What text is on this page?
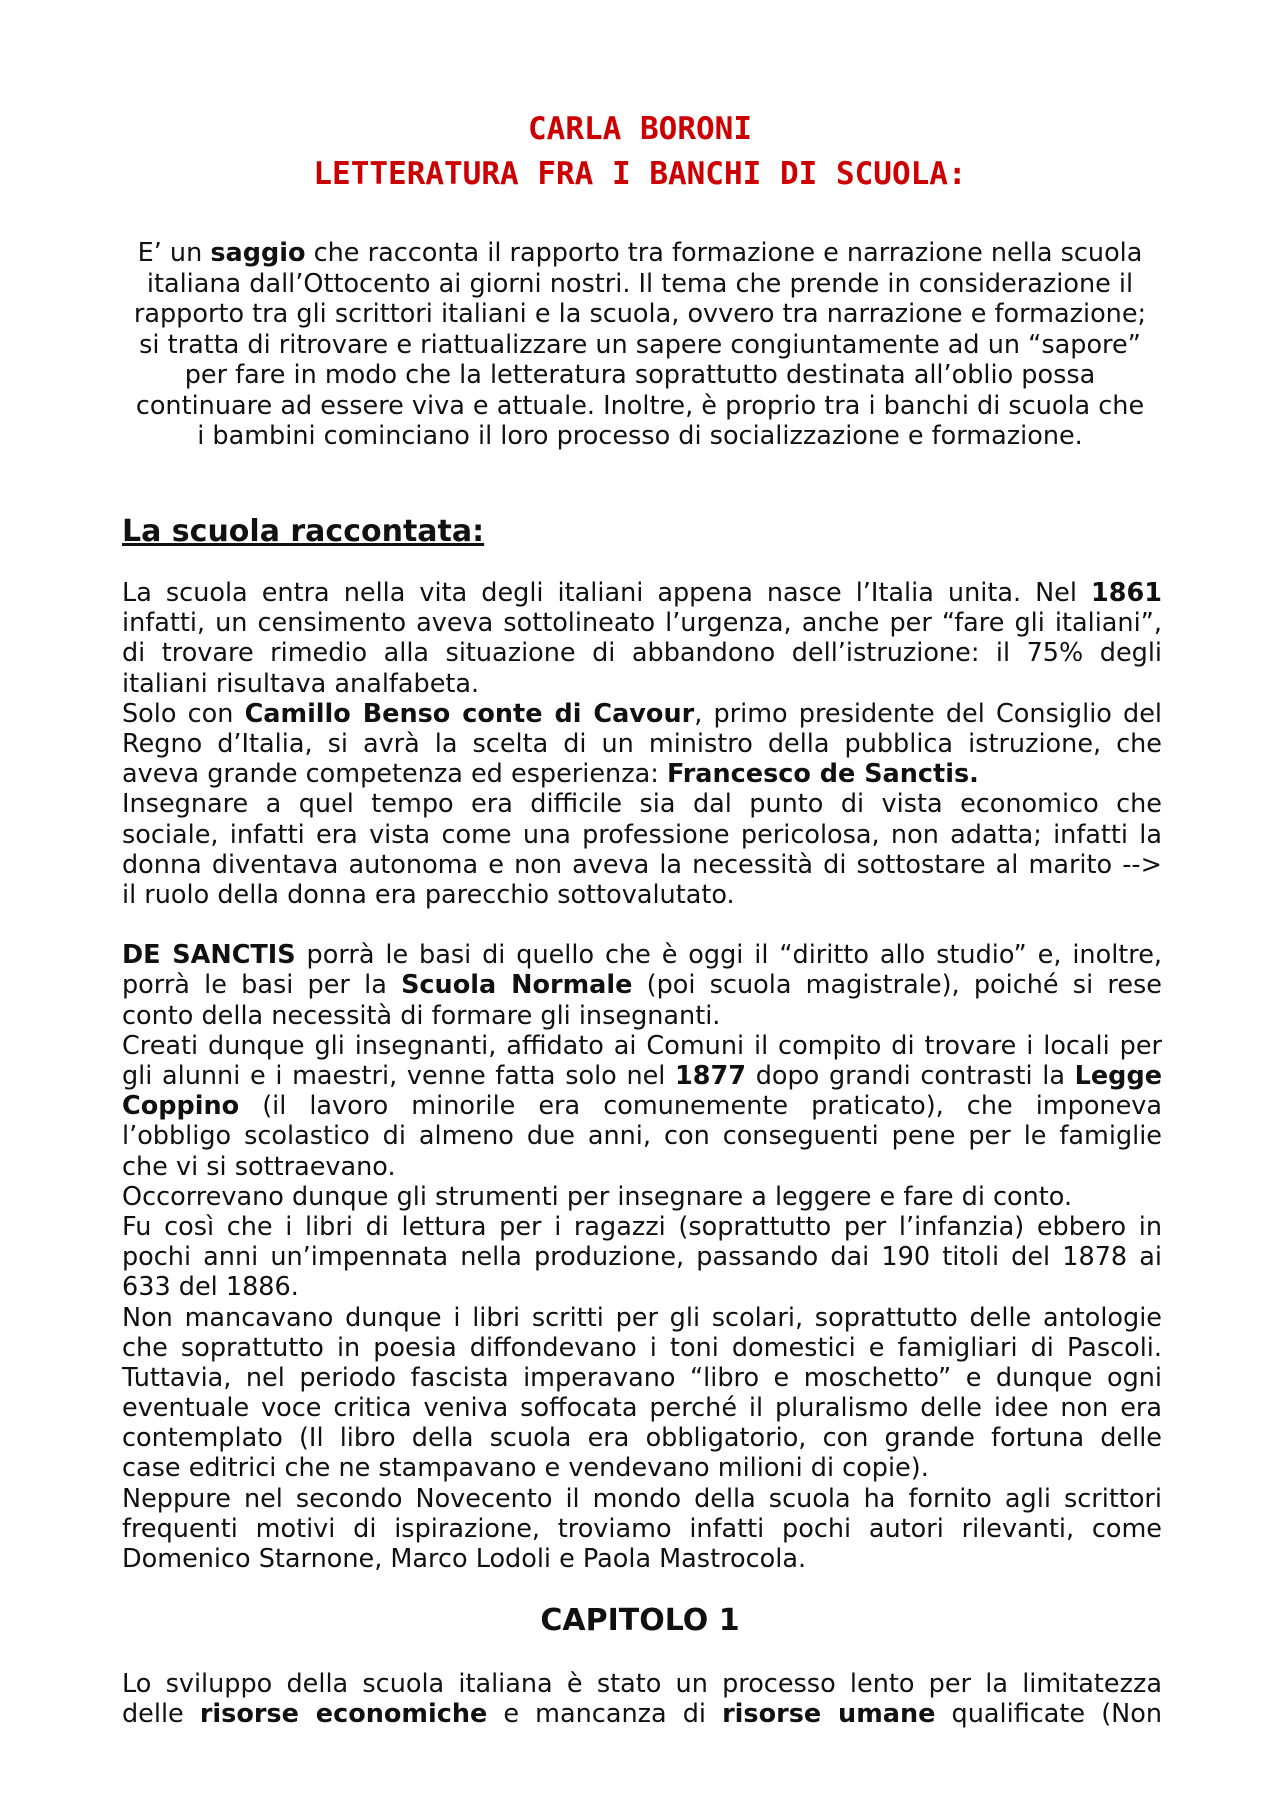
CARLA BORONI
LETTERATURA FRA I BANCHI DI SCUOLA:
E’ un saggio che racconta il rapporto tra formazione e narrazione nella scuola
italiana dall’Ottocento ai giorni nostri. Il tema che prende in considerazione il
rapporto tra gli scrittori italiani e la scuola, ovvero tra narrazione e formazione;
si tratta di ritrovare e riattualizzare un sapere congiuntamente ad un “sapore”
per fare in modo che la letteratura soprattutto destinata all’oblio possa
continuare ad essere viva e attuale. Inoltre, è proprio tra i banchi di scuola che
i bambini cominciano il loro processo di socializzazione e formazione.
La scuola raccontata:
La scuola entra nella vita degli italiani appena nasce l’Italia unita. Nel 1861
infatti, un censimento aveva sottolineato l’urgenza, anche per “fare gli italiani”,
di trovare rimedio alla situazione di abbandono dell’istruzione: il 75% degli
italiani risultava analfabeta.
Solo con Camillo Benso conte di Cavour, primo presidente del Consiglio del
Regno d’Italia, si avrà la scelta di un ministro della pubblica istruzione, che
aveva grande competenza ed esperienza: Francesco de Sanctis.
Insegnare a quel tempo era difficile sia dal punto di vista economico che
sociale, infatti era vista come una professione pericolosa, non adatta; infatti la
donna diventava autonoma e non aveva la necessità di sottostare al marito -->
il ruolo della donna era parecchio sottovalutato.
DE SANCTIS porrà le basi di quello che è oggi il “diritto allo studio” e, inoltre,
porrà le basi per la Scuola Normale (poi scuola magistrale), poiché si rese
conto della necessità di formare gli insegnanti.
Creati dunque gli insegnanti, affidato ai Comuni il compito di trovare i locali per
gli alunni e i maestri, venne fatta solo nel 1877 dopo grandi contrasti la Legge
Coppino (il lavoro minorile era comunemente praticato), che imponeva
l’obbligo scolastico di almeno due anni, con conseguenti pene per le famiglie
che vi si sottraevano.
Occorrevano dunque gli strumenti per insegnare a leggere e fare di conto.
Fu così che i libri di lettura per i ragazzi (soprattutto per l’infanzia) ebbero in
pochi anni un’impennata nella produzione, passando dai 190 titoli del 1878 ai
633 del 1886.
Non mancavano dunque i libri scritti per gli scolari, soprattutto delle antologie
che soprattutto in poesia diffondevano i toni domestici e famigliari di Pascoli.
Tuttavia, nel periodo fascista imperavano “libro e moschetto” e dunque ogni
eventuale voce critica veniva soffocata perché il pluralismo delle idee non era
contemplato (Il libro della scuola era obbligatorio, con grande fortuna delle
case editrici che ne stampavano e vendevano milioni di copie).
Neppure nel secondo Novecento il mondo della scuola ha fornito agli scrittori
frequenti motivi di ispirazione, troviamo infatti pochi autori rilevanti, come
Domenico Starnone, Marco Lodoli e Paola Mastrocola.
CAPITOLO 1
Lo sviluppo della scuola italiana è stato un processo lento per la limitatezza
delle risorse economiche e mancanza di risorse umane qualificate (Non
